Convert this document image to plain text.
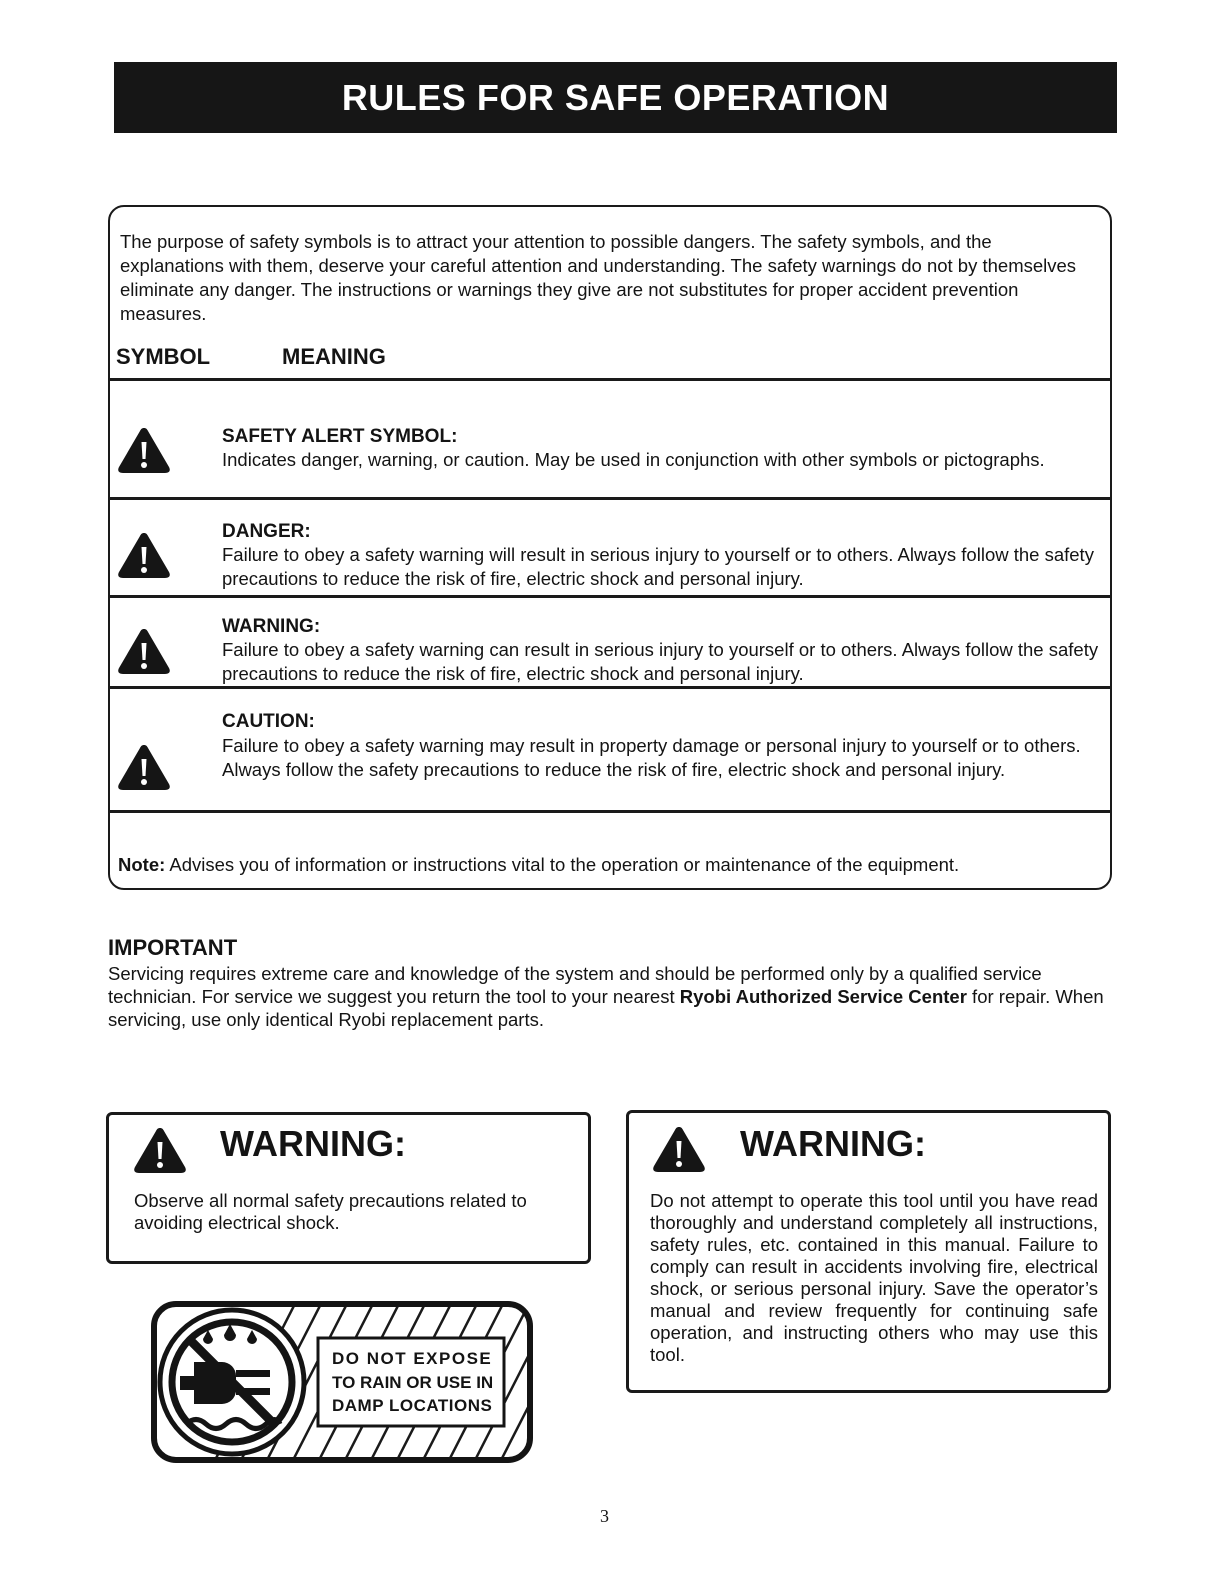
RULES FOR SAFE OPERATION

The purpose of safety symbols is to attract your attention to possible dangers. The safety symbols, and the explanations with them, deserve your careful attention and understanding. The safety warnings do not by themselves eliminate any danger. The instructions or warnings they give are not substitutes for proper accident prevention measures.

SYMBOL	MEANING
SAFETY ALERT SYMBOL:

Indicates danger, warning, or caution. May be used in conjunction with other symbols or pictographs.

DANGER:

Failure to obey a safety warning will result in serious injury to yourself or to others. Always follow the safety precautions to reduce the risk of fire, electric shock and personal injury.

WARNING:

Failure to obey a safety warning can result in serious injury to yourself or to others. Always follow the safety precautions to reduce the risk of fire, electric shock and personal injury.

CAUTION:

Failure to obey a safety warning may result in property damage or personal injury to yourself or to others. Always follow the safety precautions to reduce the risk of fire, electric shock and personal injury.

Note: Advises you of information or instructions vital to the operation or maintenance of the equipment.
IMPORTANT

Servicing requires extreme care and knowledge of the system and should be performed only by a qualified service technician. For service we suggest you return the tool to your nearest Ryobi Authorized Service Center for repair. When servicing, use only identical Ryobi replacement parts.

WARNING:

Observe all normal safety precautions related to avoiding electrical shock.

WARNING:

Do not attempt to operate this tool until you have read thoroughly and understand completely all instructions, safety rules, etc. contained in this manual. Failure to comply can result in accidents involving fire, electrical shock, or serious personal injury. Save the operator’s manual and review frequently for continuing safe operation, and instructing others who may use this tool.

DO NOT EXPOSE
TO RAIN OR USE IN
DAMP LOCATIONS
3
